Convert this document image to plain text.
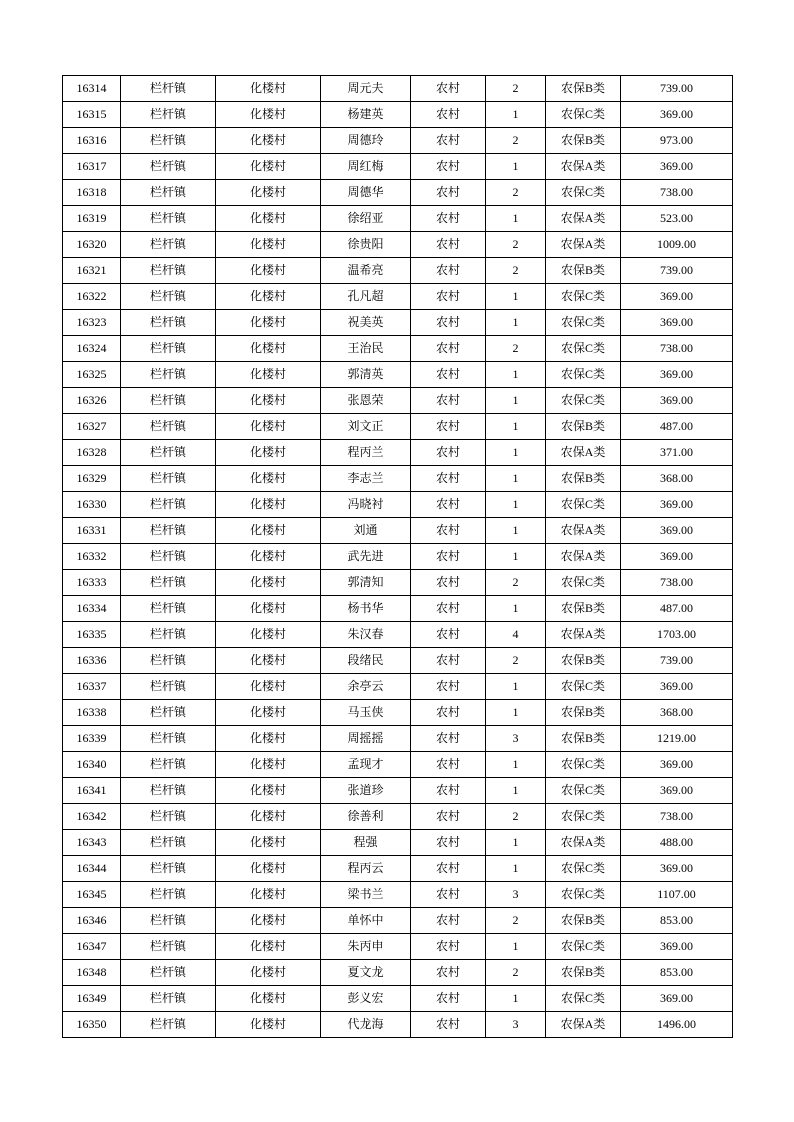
16314	栏杆镇	化楼村	周元夫	农村	2	农保B类	739.00
16315	栏杆镇	化楼村	杨建英	农村	1	农保C类	369.00
16316	栏杆镇	化楼村	周德玲	农村	2	农保B类	973.00
16317	栏杆镇	化楼村	周红梅	农村	1	农保A类	369.00
16318	栏杆镇	化楼村	周德华	农村	2	农保C类	738.00
16319	栏杆镇	化楼村	徐绍亚	农村	1	农保A类	523.00
16320	栏杆镇	化楼村	徐贵阳	农村	2	农保A类	1009.00
16321	栏杆镇	化楼村	温希亮	农村	2	农保B类	739.00
16322	栏杆镇	化楼村	孔凡超	农村	1	农保C类	369.00
16323	栏杆镇	化楼村	祝美英	农村	1	农保C类	369.00
16324	栏杆镇	化楼村	王治民	农村	2	农保C类	738.00
16325	栏杆镇	化楼村	郭清英	农村	1	农保C类	369.00
16326	栏杆镇	化楼村	张恩荣	农村	1	农保C类	369.00
16327	栏杆镇	化楼村	刘文正	农村	1	农保B类	487.00
16328	栏杆镇	化楼村	程丙兰	农村	1	农保A类	371.00
16329	栏杆镇	化楼村	李志兰	农村	1	农保B类	368.00
16330	栏杆镇	化楼村	冯晓衬	农村	1	农保C类	369.00
16331	栏杆镇	化楼村	刘通	农村	1	农保A类	369.00
16332	栏杆镇	化楼村	武先进	农村	1	农保A类	369.00
16333	栏杆镇	化楼村	郭清知	农村	2	农保C类	738.00
16334	栏杆镇	化楼村	杨书华	农村	1	农保B类	487.00
16335	栏杆镇	化楼村	朱汉春	农村	4	农保A类	1703.00
16336	栏杆镇	化楼村	段绪民	农村	2	农保B类	739.00
16337	栏杆镇	化楼村	余亭云	农村	1	农保C类	369.00
16338	栏杆镇	化楼村	马玉侠	农村	1	农保B类	368.00
16339	栏杆镇	化楼村	周摇摇	农村	3	农保B类	1219.00
16340	栏杆镇	化楼村	孟现才	农村	1	农保C类	369.00
16341	栏杆镇	化楼村	张道珍	农村	1	农保C类	369.00
16342	栏杆镇	化楼村	徐善利	农村	2	农保C类	738.00
16343	栏杆镇	化楼村	程强	农村	1	农保A类	488.00
16344	栏杆镇	化楼村	程丙云	农村	1	农保C类	369.00
16345	栏杆镇	化楼村	梁书兰	农村	3	农保C类	1107.00
16346	栏杆镇	化楼村	单怀中	农村	2	农保B类	853.00
16347	栏杆镇	化楼村	朱丙申	农村	1	农保C类	369.00
16348	栏杆镇	化楼村	夏文龙	农村	2	农保B类	853.00
16349	栏杆镇	化楼村	彭义宏	农村	1	农保C类	369.00
16350	栏杆镇	化楼村	代龙海	农村	3	农保A类	1496.00
